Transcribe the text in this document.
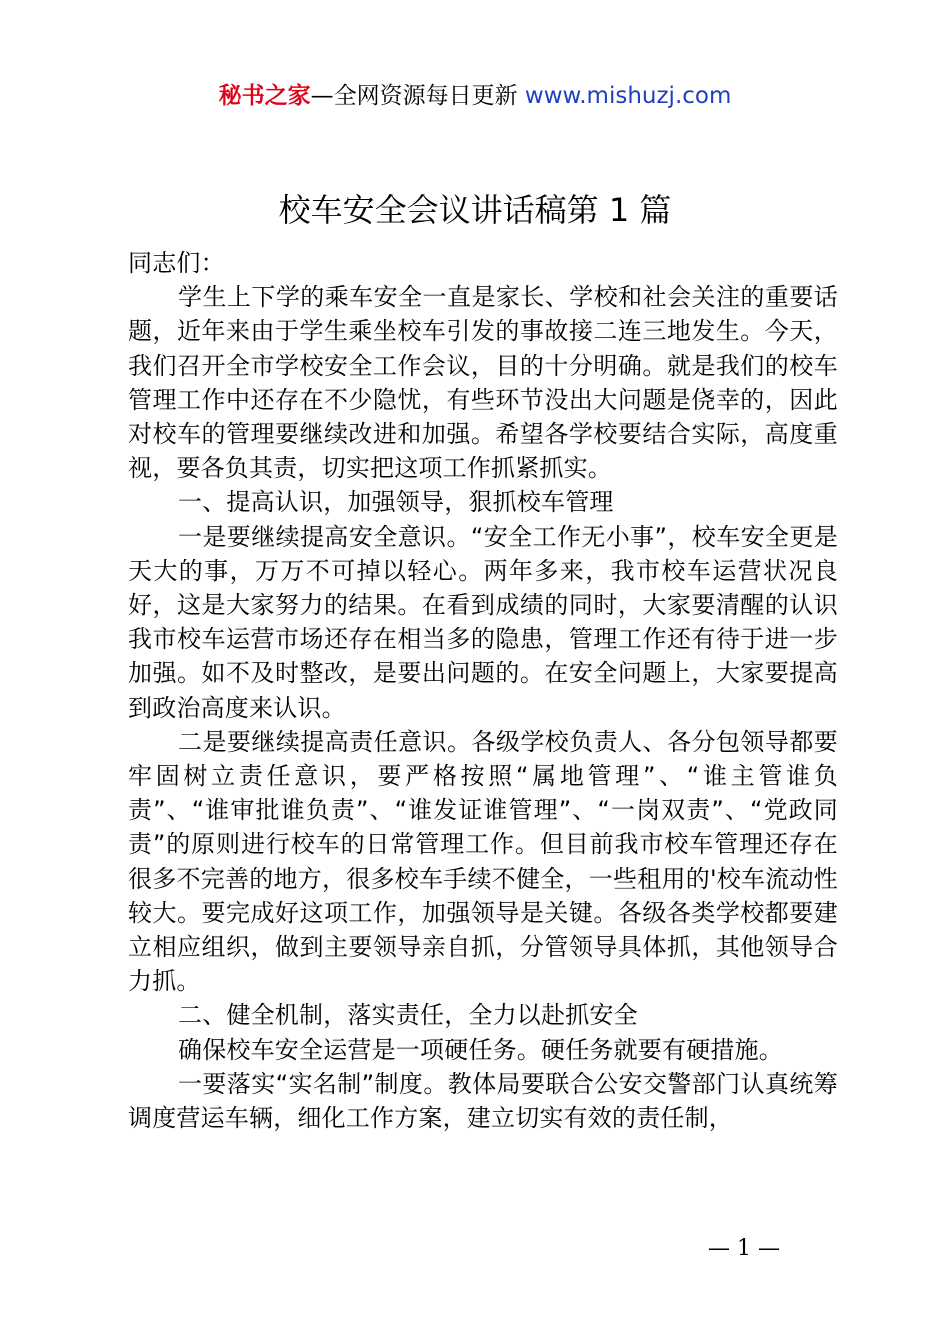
秘书之家—全网资源每日更新 www.mishuzj.com
校车安全会议讲话稿第 1 篇

同志们：

学生上下学的乘车安全一直是家长、学校和社会关注的重要话题，近年来由于学生乘坐校车引发的事故接二连三地发生。今天，我们召开全市学校安全工作会议，目的十分明确。就是我们的校车管理工作中还存在不少隐忧，有些环节没出大问题是侥幸的，因此对校车的管理要继续改进和加强。希望各学校要结合实际，高度重视，要各负其责，切实把这项工作抓紧抓实。

一、提高认识，加强领导，狠抓校车管理

一是要继续提高安全意识。“安全工作无小事”，校车安全更是天大的事，万万不可掉以轻心。两年多来，我市校车运营状况良好，这是大家努力的结果。在看到成绩的同时，大家要清醒的认识我市校车运营市场还存在相当多的隐患，管理工作还有待于进一步加强。如不及时整改，是要出问题的。在安全问题上，大家要提高到政治高度来认识。

二是要继续提高责任意识。各级学校负责人、各分包领导都要牢固树立责任意识，要严格按照“属地管理”、“谁主管谁负责”、“谁审批谁负责”、“谁发证谁管理”、“一岗双责”、“党政同责”的原则进行校车的日常管理工作。但目前我市校车管理还存在很多不完善的地方，很多校车手续不健全，一些租用的'校车流动性较大。要完成好这项工作，加强领导是关键。各级各类学校都要建立相应组织，做到主要领导亲自抓，分管领导具体抓，其他领导合力抓。

二、健全机制，落实责任，全力以赴抓安全

确保校车安全运营是一项硬任务。硬任务就要有硬措施。

一要落实“实名制”制度。教体局要联合公安交警部门认真统筹调度营运车辆，细化工作方案，建立切实有效的责任制，

— 1 —
